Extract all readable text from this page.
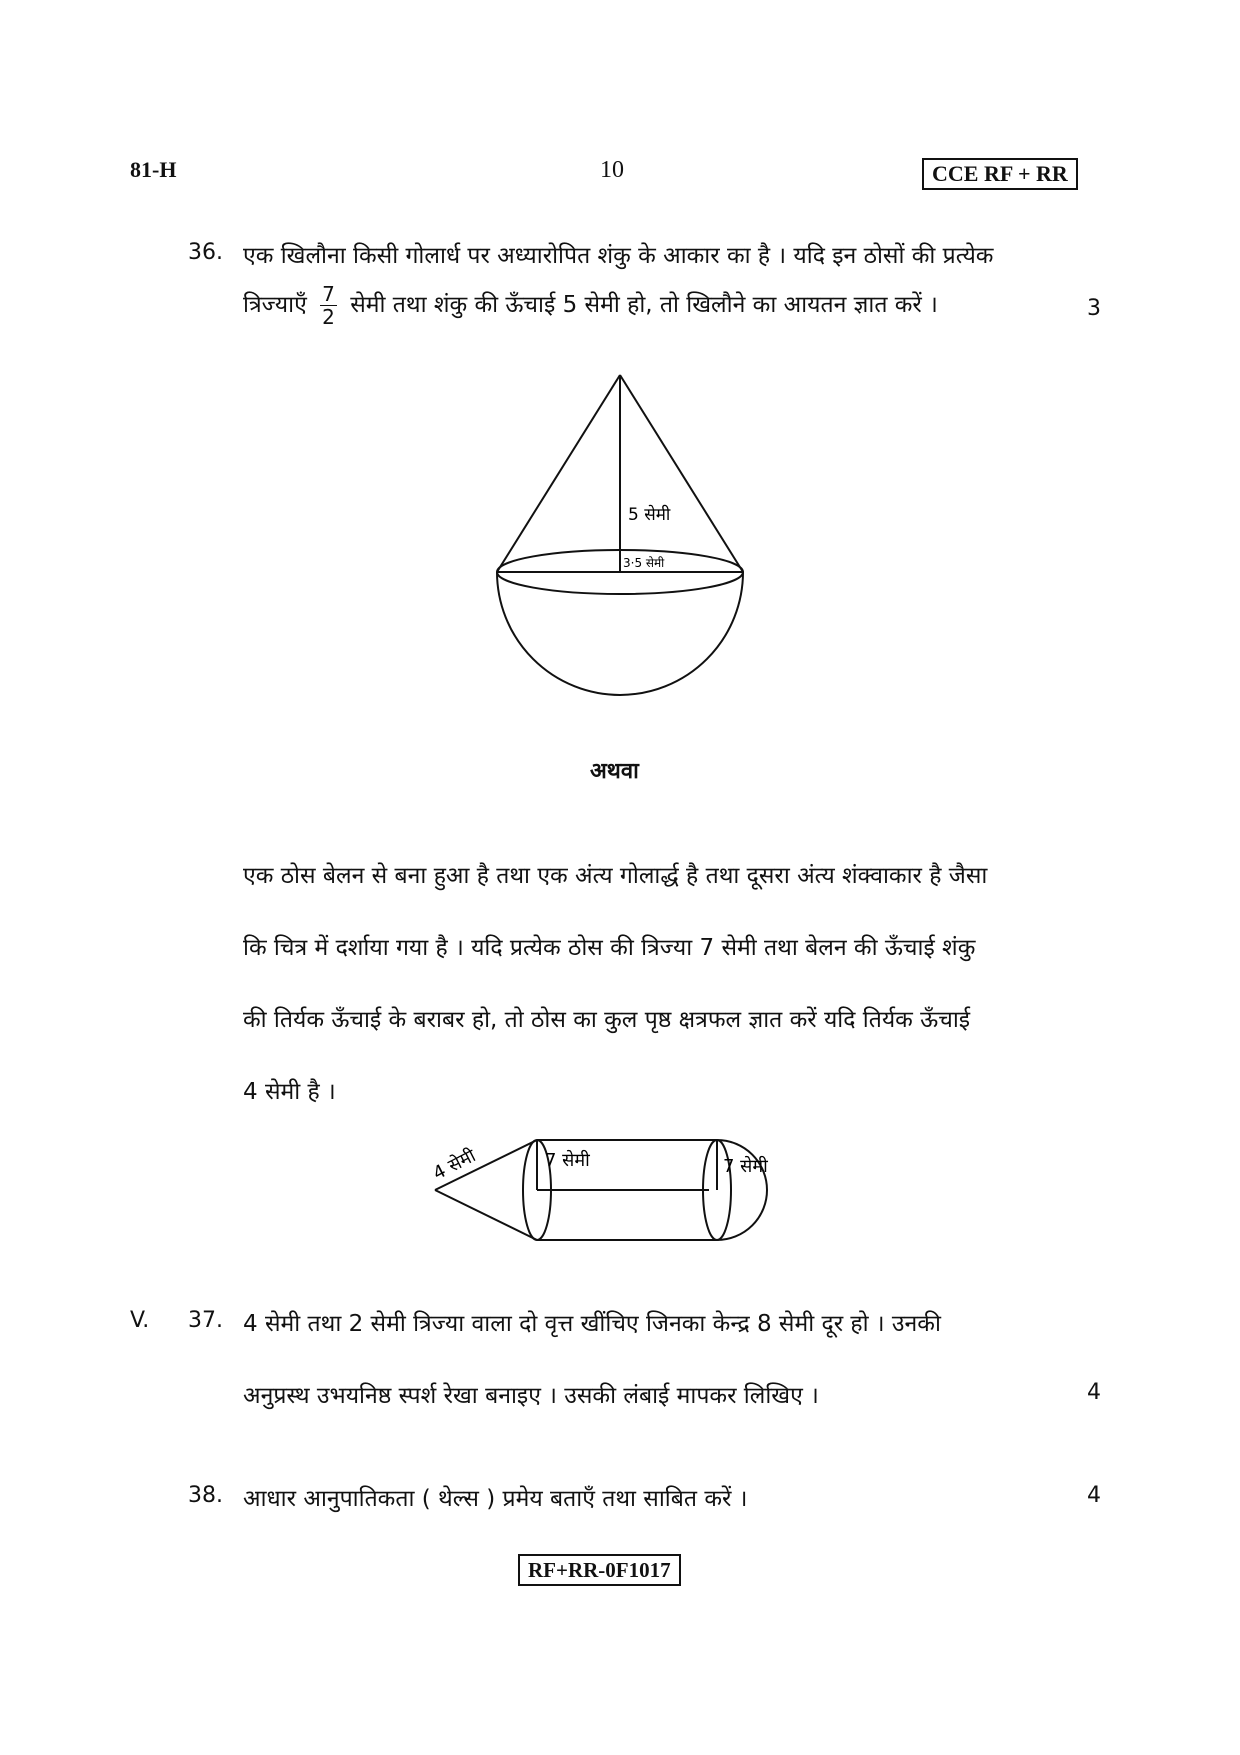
81-H	10	CCE RF + RR
36. एक खिलौना किसी गोलार्ध पर अध्यारोपित शंकु के आकार का है । यदि इन ठोसों की प्रत्येक
त्रिज्याएँ $\frac{7}{2}$ सेमी तथा शंकु की ऊँचाई 5 सेमी हो, तो खिलौने का आयतन ज्ञात करें ।	3
5 सेमी
3·5 सेमी
अथवा
एक ठोस बेलन से बना हुआ है तथा एक अंत्य गोलार्द्ध है तथा दूसरा अंत्य शंक्वाकार है जैसा
कि चित्र में दर्शाया गया है । यदि प्रत्येक ठोस की त्रिज्या 7 सेमी तथा बेलन की ऊँचाई शंकु
की तिर्यक ऊँचाई के बराबर हो, तो ठोस का कुल पृष्ठ क्षत्रफल ज्ञात करें यदि तिर्यक ऊँचाई
4 सेमी है ।
7 सेमी	7 सेमी
4 सेमी
V. 37. 4 सेमी तथा 2 सेमी त्रिज्या वाला दो वृत्त खींचिए जिनका केन्द्र 8 सेमी दूर हो । उनकी
अनुप्रस्थ उभयनिष्ठ स्पर्श रेखा बनाइए । उसकी लंबाई मापकर लिखिए ।	4
38. आधार आनुपातिकता ( थेल्स ) प्रमेय बताएँ तथा साबित करें ।	4
RF+RR-0F1017
